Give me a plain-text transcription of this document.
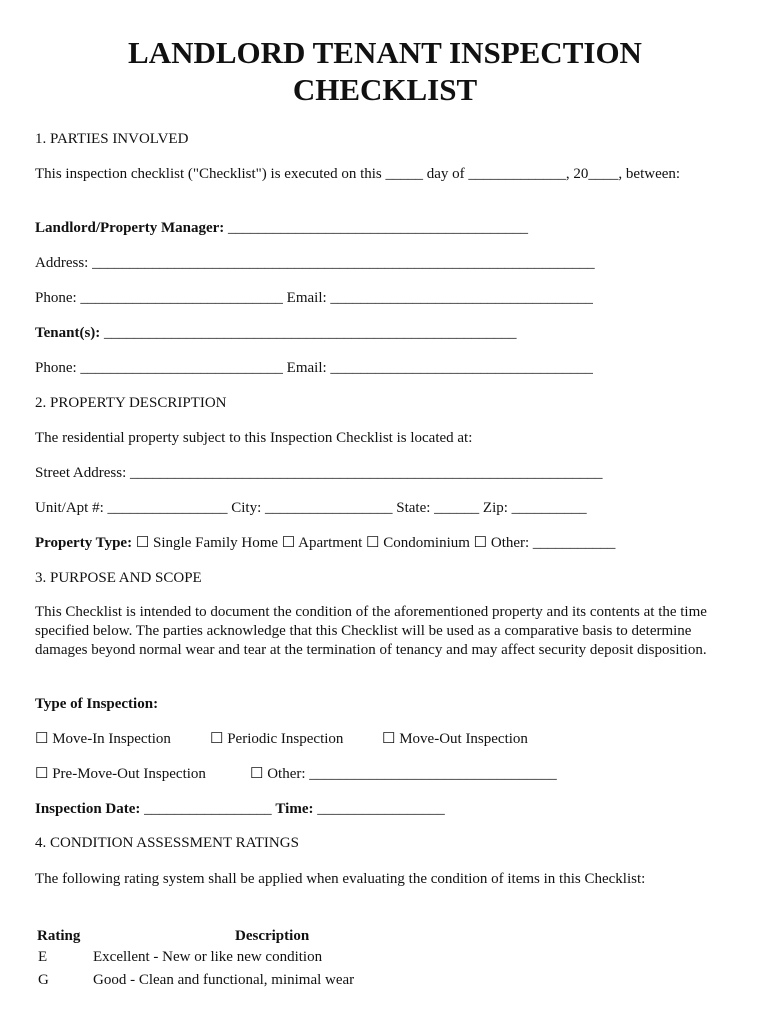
LANDLORD TENANT INSPECTION
CHECKLIST
1. PARTIES INVOLVED
This inspection checklist ("Checklist") is executed on this _____ day of _____________, 20____, between:
Landlord/Property Manager: ________________________________________
Address: ___________________________________________________________________
Phone: ___________________________ Email: ___________________________________
Tenant(s): _______________________________________________________
Phone: ___________________________ Email: ___________________________________
2. PROPERTY DESCRIPTION
The residential property subject to this Inspection Checklist is located at:
Street Address: _______________________________________________________________
Unit/Apt #: ________________ City: _________________ State: ______ Zip: __________
Property Type: ☐ Single Family Home ☐ Apartment ☐ Condominium ☐ Other: ___________
3. PURPOSE AND SCOPE
This Checklist is intended to document the condition of the aforementioned property and its contents at the time specified below. The parties acknowledge that this Checklist will be used as a comparative basis to determine damages beyond normal wear and tear at the termination of tenancy and may affect security deposit disposition.
Type of Inspection:
☐ Move-In Inspection	☐ Periodic Inspection	☐ Move-Out Inspection
☐ Pre-Move-Out Inspection	☐ Other: _________________________________
Inspection Date: _________________ Time: _________________
4. CONDITION ASSESSMENT RATINGS
The following rating system shall be applied when evaluating the condition of items in this Checklist:
Rating	Description
E	Excellent - New or like new condition
G	Good - Clean and functional, minimal wear
